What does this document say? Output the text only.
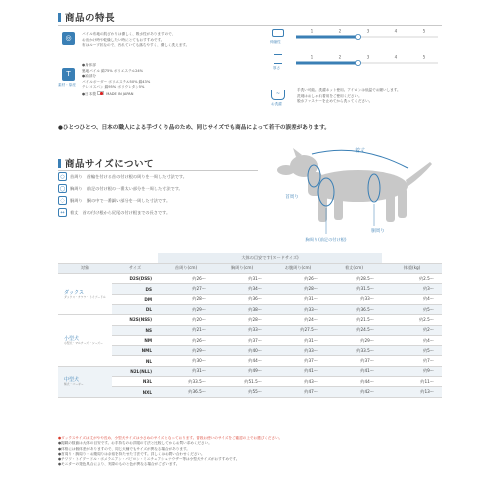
商品の特長
◎	パイル布地の肌ざわりは優しく、吸水性がありますので、
お出かけ時や乾燥したい時にとてもおすすめです。
布はループ状なので、汚れていても落ちやすく、優しく洗えます。
T
素材・原産
●身体部
裏地パイル 綿75% ポリエステル24%
●袖部分
パイルボーダー ポリエステル50% 綿43%
テレコスパン 綿95% ポリウレタン5%
●日本製	MADE IN JAPAN
伸縮性
1	2	3	4	5
厚さ
1	2	3	4	5
~
お洗濯
手洗い可能。洗濯ネット使用。アイロンは低温でお願いします。
洗剤はおしゃれ着用をご使用ください。
脱水ファスナーを止めてから洗ってください。
●ひとつひとつ、日本の職人による手づくり品のため、同じサイズでも商品によって若干の誤差があります。
商品サイズについて
○	首周り　首輪を付ける首の付け根の周りを一周した寸法です。
◯	胸周り　前足の付け根の一番太い部分を一周した寸法です。
◌	胴周り　胴の中で一番細い部分を一周した寸法です。
↔	着丈　首の付け根から尻尾の付け根までの長さです。
着丈
首周り
胸周り(前足の付け根)
胴周り
		大体の目安です(ヌードサイズ)				
対象	サイズ	首周り(cm)	胸周り(cm)	お腹周り(cm)	着丈(cm)	体重(kg)

ダックス
ダックス・チワワ・トイプードル	D2S(DSS)	約26〜	約31〜	約26〜	約28.5〜	約2.5〜
	DS	約27〜	約34〜	約28〜	約31.5〜	約3〜
	DM	約28〜	約36〜	約31〜	約33〜	約4〜
	DL	約29〜	約38〜	約33〜	約36.5〜	約5〜

小型犬
小型犬・マルチーズ・シーズー	N2S(NSS)	約20〜	約28〜	約24〜	約21.5〜	約2.5〜
	NS	約21〜	約33〜	約27.5〜	約24.5〜	約2〜
	NM	約26〜	約37〜	約31〜	約29〜	約4〜
	NML	約29〜	約40〜	約33〜	約33.5〜	約5〜
	NL	約30〜	約44〜	約37〜	約37〜	約7〜

中型犬
柴犬・コーギー	N2L(NLL)	約31〜	約49〜	約41〜	約41〜	約9〜
	N3L	約33.5〜	約51.5〜	約43〜	約44〜	約11〜
	NXL	約36.5〜	約55〜	約47〜	約42〜	約13〜
●ダックスサイズは丈がやや長め、小型犬サイズは小さめのサイズとなっております。普段お使いのサイズをご確認の上でお選びください。
●掲載の数値は大体の目安です。お手持ちのお洋服の寸法と比較してからお買い求めください。
●体格には個体差がありますので、同じ犬種でもサイズが異なる場合があります。
●首周り・胸周り・お腹周りは余裕を持たせた寸法です。詳しくはお問い合わせください。
●チワワ・トイプードル・ポメラニアン・パピヨン・ミニチュアシュナウザー等は小型犬サイズがおすすめです。
●モニターの発色具合により、実際のものと色が異なる場合がございます。
